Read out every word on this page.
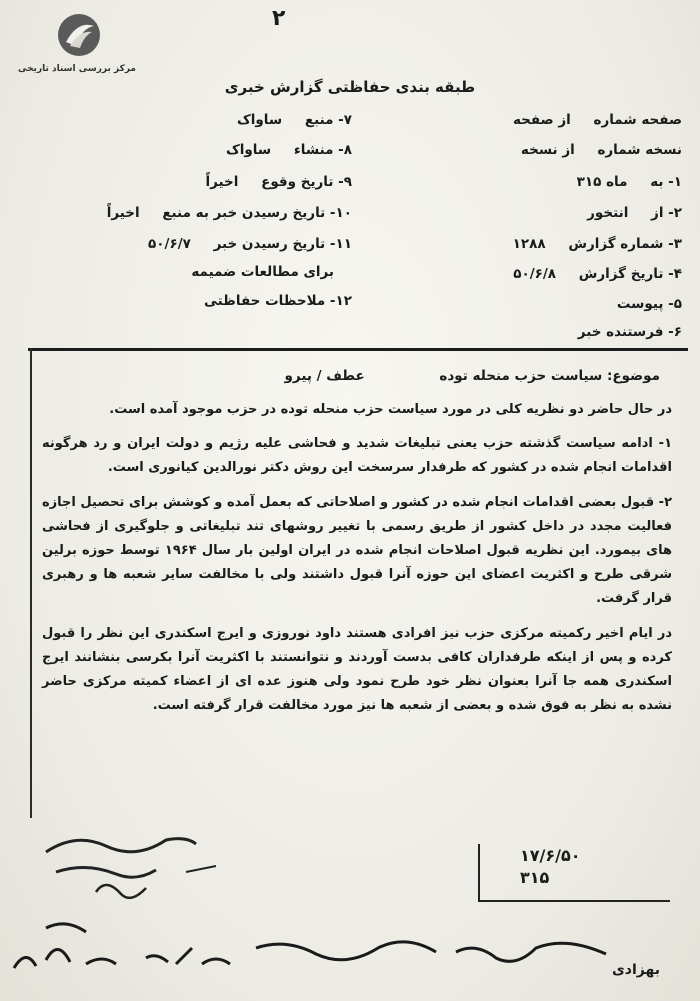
مرکز بررسی اسناد تاریخی
۲
طبقه بندی حفاظتی گزارش خبری
صفحه شماره از صفحه
نسخه شماره از نسخه
۱- به ماه ۳۱۵
۲- از انتخور
۳- شماره گزارش ۱۲۸۸
۴- تاریخ گزارش ۵۰/۶/۸
۵- پیوست
۶- فرستنده خبر
۷- منبع ساواک
۸- منشاء ساواک
۹- تاریخ وقوع اخیراً
۱۰- تاریخ رسیدن خبر به منبع اخیراً
۱۱- تاریخ رسیدن خبر ۵۰/۶/۷
برای مطالعات ضمیمه
۱۲- ملاحظات حفاظتی
موضوع: سیاست حزب منحله توده عطف / پیرو

در حال حاضر دو نظریه کلی در مورد سیاست حزب منحله توده در حزب موجود آمده است.

۱- ادامه سیاست گذشته حزب یعنی تبلیغات شدید و فحاشی علیه رژیم و دولت ایران و رد هرگونه اقدامات انجام شده در کشور که طرفدار سرسخت این روش دکتر نورالدین کیانوری است.

۲- قبول بعضی اقدامات انجام شده در کشور و اصلاحاتی که بعمل آمده و کوشش برای تحصیل اجازه فعالیت مجدد در داخل کشور از طریق رسمی با تغییر روشهای تند تبلیغاتی و جلوگیری از فحاشی های بیمورد. این نظریه قبول اصلاحات انجام شده در ایران اولین بار سال ۱۹۶۴ توسط حوزه برلین شرقی طرح و اکثریت اعضای این حوزه آنرا قبول داشتند ولی با مخالفت سایر شعبه ها و رهبری قرار گرفت.

در ایام اخیر رکمیته مرکزی حزب نیز افرادی هستند داود نوروزی و ایرج اسکندری این نظر را قبول کرده و پس از اینکه طرفداران کافی بدست آوردند و نتوانستند با اکثریت آنرا بکرسی بنشانند ایرج اسکندری همه جا آنرا بعنوان نظر خود طرح نمود ولی هنوز عده ای از اعضاء کمیته مرکزی حاضر نشده به نظر به فوق شده و بعضی از شعبه ها نیز مورد مخالفت قرار گرفته است.

۱۷/۶/۵۰
۳۱۵
بهزادی
